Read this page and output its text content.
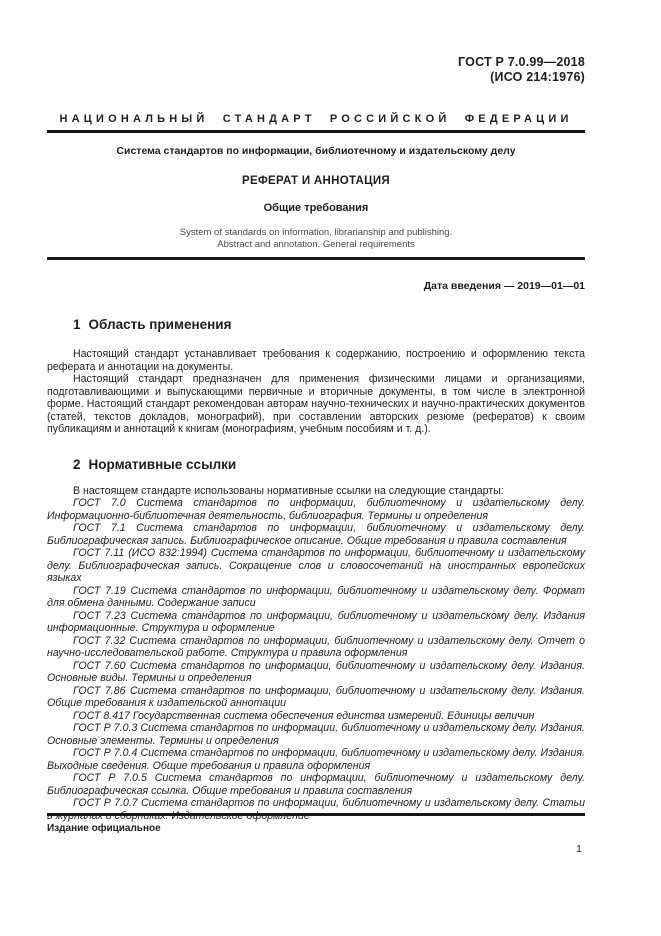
ГОСТ Р 7.0.99—2018
(ИСО 214:1976)
НАЦИОНАЛЬНЫЙ СТАНДАРТ РОССИЙСКОЙ ФЕДЕРАЦИИ
Система стандартов по информации, библиотечному и издательскому делу
РЕФЕРАТ И АННОТАЦИЯ
Общие требования
System of standards on information, librarianship and publishing.
Abstract and annotation. General requirements
Дата введения — 2019—01—01
1 Область применения

Настоящий стандарт устанавливает требования к содержанию, построению и оформлению текста реферата и аннотации на документы.

Настоящий стандарт предназначен для применения физическими лицами и организациями, подготавливающими и выпускающими первичные и вторичные документы, в том числе в электронной форме. Настоящий стандарт рекомендован авторам научно-технических и научно-практических документов (статей, текстов докладов, монографий), при составлении авторских резюме (рефератов) к своим публикациям и аннотаций к книгам (монографиям, учебным пособиям и т. д.).

2 Нормативные ссылки

В настоящем стандарте использованы нормативные ссылки на следующие стандарты:

ГОСТ 7.0 Система стандартов по информации, библиотечному и издательскому делу. Информационно-библиотечная деятельность, библиография. Термины и определения

ГОСТ 7.1 Система стандартов по информации, библиотечному и издательскому делу. Библиографическая запись. Библиографическое описание. Общие требования и правила составления

ГОСТ 7.11 (ИСО 832:1994) Система стандартов по информации, библиотечному и издательскому делу. Библиографическая запись. Сокращение слов и словосочетаний на иностранных европейских языках

ГОСТ 7.19 Система стандартов по информации, библиотечному и издательскому делу. Формат для обмена данными. Содержание записи

ГОСТ 7.23 Система стандартов по информации, библиотечному и издательскому делу. Издания информационные. Структура и оформление

ГОСТ 7.32 Система стандартов по информации, библиотечному и издательскому делу. Отчет о научно-исследовательской работе. Структура и правила оформления

ГОСТ 7.60 Система стандартов по информации, библиотечному и издательскому делу. Издания. Основные виды. Термины и определения

ГОСТ 7.86 Система стандартов по информации, библиотечному и издательскому делу. Издания. Общие требования к издательской аннотации

ГОСТ 8.417 Государственная система обеспечения единства измерений. Единицы величин

ГОСТ Р 7.0.3 Система стандартов по информации, библиотечному и издательскому делу. Издания. Основные элементы. Термины и определения

ГОСТ Р 7.0.4 Система стандартов по информации, библиотечному и издательскому делу. Издания. Выходные сведения. Общие требования и правила оформления

ГОСТ Р 7.0.5 Система стандартов по информации, библиотечному и издательскому делу. Библиографическая ссылка. Общие требования и правила составления

ГОСТ Р 7.0.7 Система стандартов по информации, библиотечному и издательскому делу. Статьи в журналах и сборниках. Издательское оформление

Издание официальное
1
